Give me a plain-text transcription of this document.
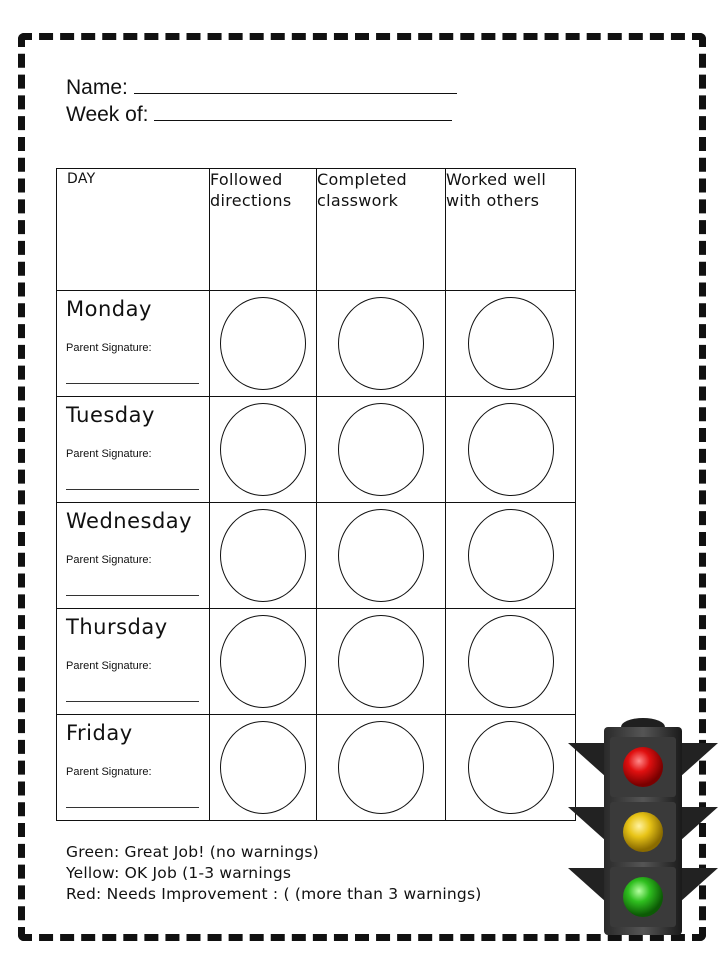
Name:
Week of:
DAY	Followed directions	Completed classwork	Worked well with others

Monday
Parent Signature:			

Tuesday
Parent Signature:			

Wednesday
Parent Signature:			

Thursday
Parent Signature:			

Friday
Parent Signature:			

Green: Great Job! (no warnings)
Yellow: OK Job (1-3 warnings
Red: Needs Improvement : ( (more than 3 warnings)
